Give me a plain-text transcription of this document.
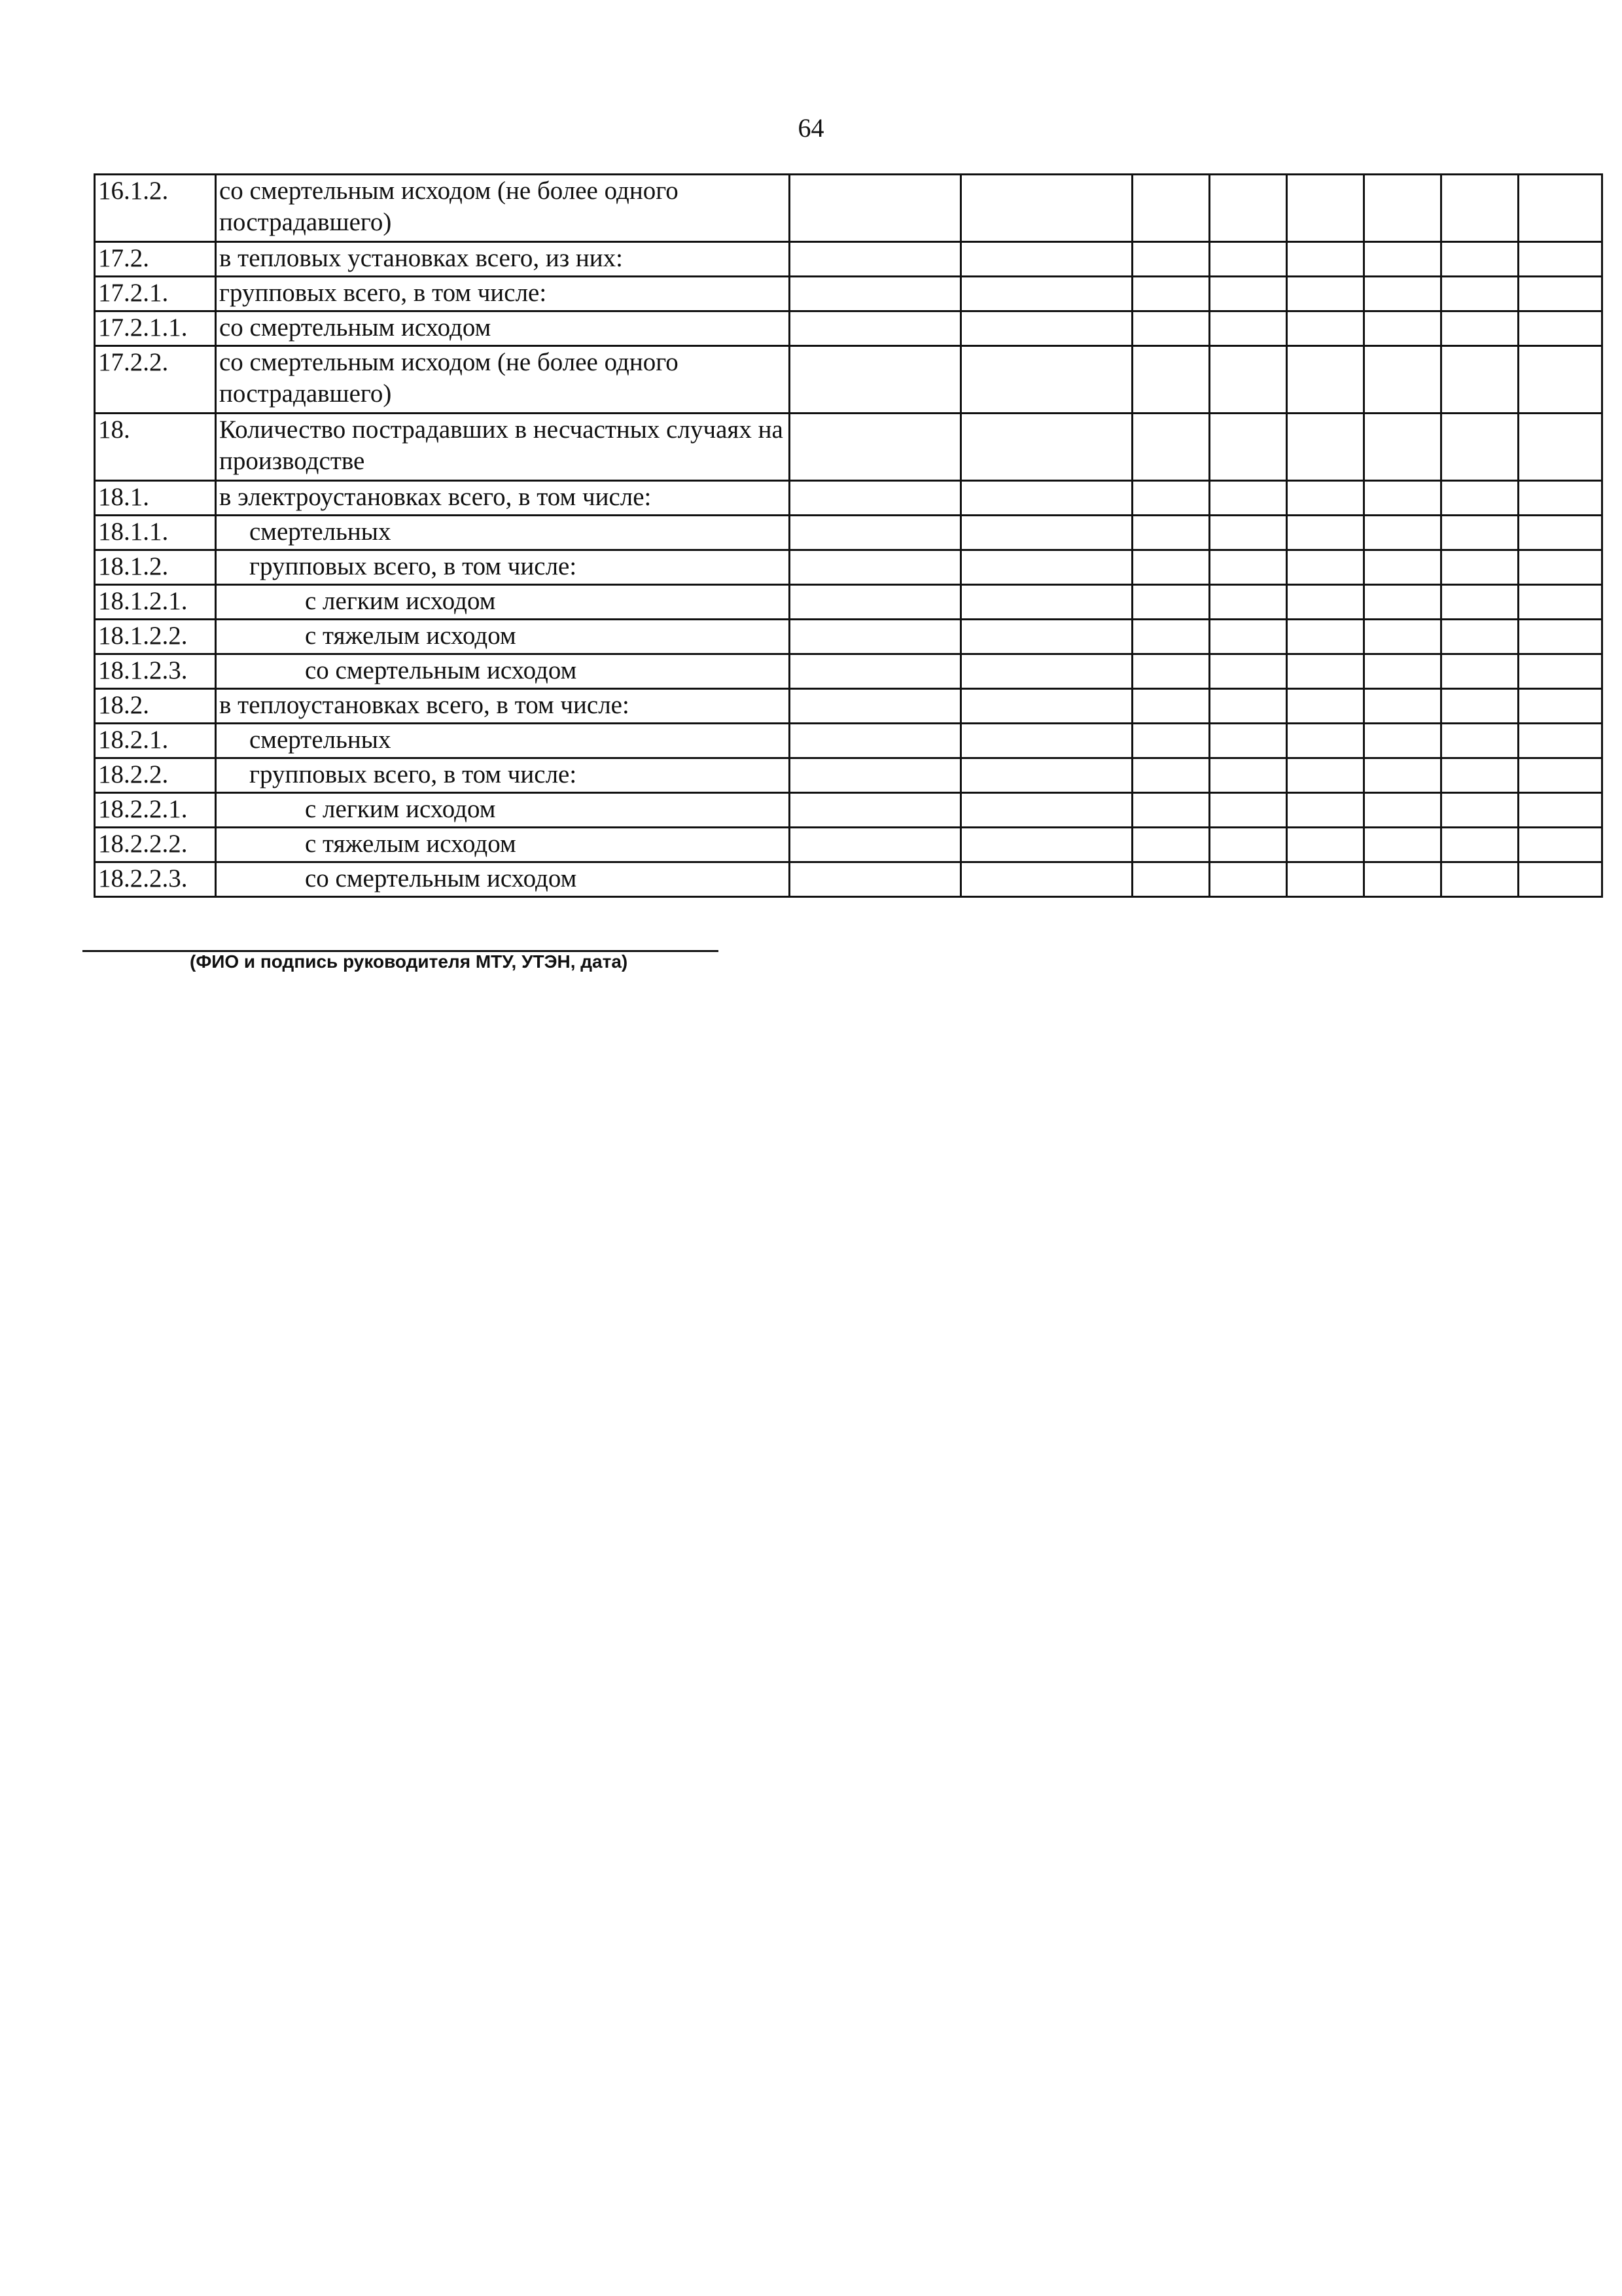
64
16.1.2.	со смертельным исходом (не более одного пострадавшего)								
17.2.	в тепловых установках всего, из них:								
17.2.1.	групповых всего, в том числе:								
17.2.1.1.	со смертельным исходом								
17.2.2.	со смертельным исходом (не более одного пострадавшего)								
18.	Количество пострадавших в несчастных случаях на производстве								
18.1.	в электроустановках всего, в том числе:								
18.1.1.	смертельных								
18.1.2.	групповых всего, в том числе:								
18.1.2.1.	с легким исходом								
18.1.2.2.	с тяжелым исходом								
18.1.2.3.	со смертельным исходом								
18.2.	в теплоустановках всего, в том числе:								
18.2.1.	смертельных								
18.2.2.	групповых всего, в том числе:								
18.2.2.1.	с легким исходом								
18.2.2.2.	с тяжелым исходом								
18.2.2.3.	со смертельным исходом								
(ФИО и подпись руководителя МТУ, УТЭН, дата)
